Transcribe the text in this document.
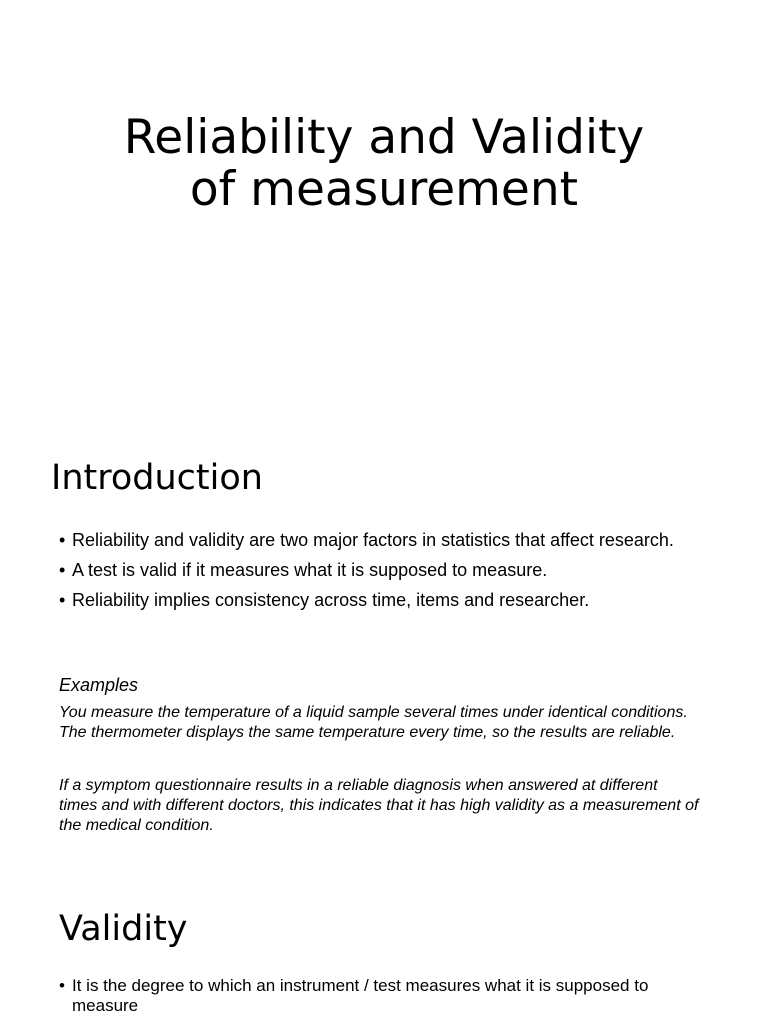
Reliability and Validity
of measurement
Introduction
• Reliability and validity are two major factors in statistics that affect research.
• A test is valid if it measures what it is supposed to measure.
• Reliability implies consistency across time, items and researcher.

Examples

You measure the temperature of a liquid sample several times under identical conditions. The thermometer displays the same temperature every time, so the results are reliable.

If a symptom questionnaire results in a reliable diagnosis when answered at different times and with different doctors, this indicates that it has high validity as a measurement of the medical condition.

Validity
• It is the degree to which an instrument / test measures what it is supposed to measure
